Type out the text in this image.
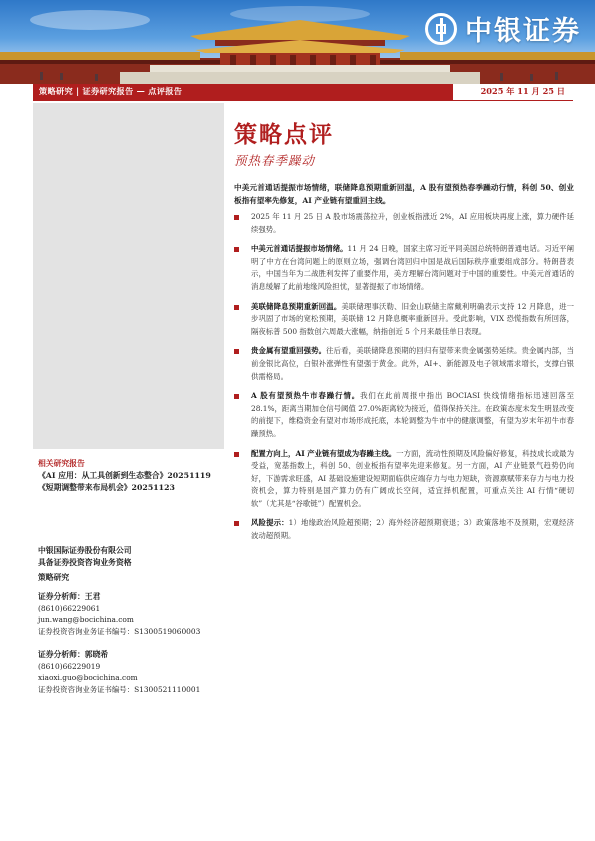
中银证券
策略研究 | 证券研究报告 — 点评报告	2025 年 11 月 25 日
相关研究报告
《AI 应用：从工具创新到生态整合》20251119
《短期调整带来布局机会》20251123
中银国际证券股份有限公司
具备证券投资咨询业务资格
策略研究
证券分析师：王君
(8610)66229061
jun.wang@bocichina.com
证券投资咨询业务证书编号：S1300519060003
证券分析师：郭晓希
(8610)66229019
xiaoxi.guo@bocichina.com
证券投资咨询业务证书编号：S1300521110001
策略点评
预热春季躁动
中美元首通话提振市场情绪，联储降息预期重新回温，A 股有望预热春季躁动行情，科创 50、创业板指有望率先修复，AI 产业链有望重回主线。
2025 年 11 月 25 日 A 股市场震荡拉升，创业板指涨近 2%，AI 应用板块再度上涨，算力硬件延续强势。
中美元首通话提振市场情绪。11 月 24 日晚，国家主席习近平同美国总统特朗普通电话。习近平阐明了中方在台湾问题上的原则立场，强调台湾回归中国是战后国际秩序重要组成部分。特朗普表示，中国当年为二战胜利发挥了重要作用，美方理解台湾问题对于中国的重要性。中美元首通话的消息缓解了此前地缘风险担忧，显著提振了市场情绪。
美联储降息预期重新回温。美联储理事沃勒、旧金山联储主席戴利明确表示支持 12 月降息，进一步巩固了市场的宽松预期，美联储 12 月降息概率重新回升。受此影响，VIX 恐慌指数有所回落，隔夜标普 500 指数创六周最大涨幅，纳指创近 5 个月来最佳单日表现。
贵金属有望重回强势。往后看，美联储降息预期的回归有望带来贵金属强势延续。贵金属内部，当前金银比高位，白银补涨弹性有望强于黄金。此外，AI+、新能源及电子领域需求增长，支撑白银供需格局。
A 股有望预热牛市春躁行情。我们在此前周报中指出 BOCIASI 快线情绪指标迅速回落至 28.1%，距离当期加仓信号阈值 27.0%距离较为接近，值得保持关注。在政策态度未发生明显改变的前提下，维稳资金有望对市场形成托底，本轮调整为牛市中的健康调整，有望为岁末年初牛市春躁预热。
配置方向上，AI 产业链有望成为春躁主线。一方面，流动性预期及风险偏好修复，科技成长或最为受益，宽基指数上，科创 50、创业板指有望率先迎来修复。另一方面，AI 产业链景气趋势仍向好，下游需求旺盛，AI 基础设施建设短期面临供应端存力与电力短缺，资源禀赋带来存力与电力投资机会，算力特别是国产算力仍有广阔成长空间，适宜择机配置，可重点关注 AI 行情“硬切软”（尤其是“谷歌链”）配置机会。
风险提示：1）地缘政治风险超预期；2）海外经济超预期衰退；3）政策落地不及预期，宏观经济波动超预期。
